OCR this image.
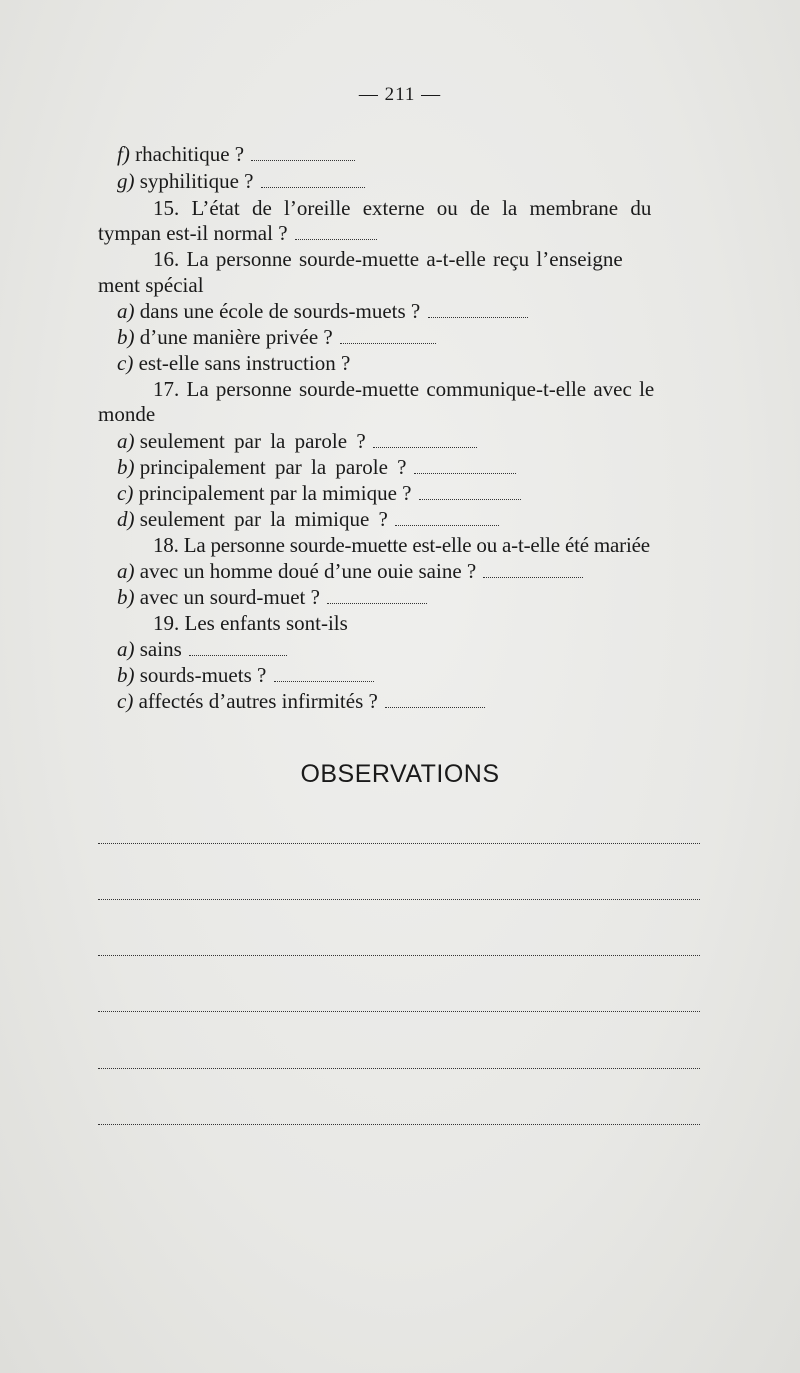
— 211 —
f) rhachitique ?
g) syphilitique ?
15. L’état de l’oreille externe ou de la membrane du
tympan est-il normal ?
16. La personne sourde-muette a-t-elle reçu l’enseigne
ment spécial
a) dans une école de sourds-muets ?
b) d’une manière privée ?
c) est-elle sans instruction ?
17. La personne sourde-muette communique-t-elle avec le
monde
a) seulement par la parole ?
b) principalement par la parole ?
c) principalement par la mimique ?
d) seulement par la mimique ?
18. La personne sourde-muette est-elle ou a-t-elle été mariée
a) avec un homme doué d’une ouie saine ?
b) avec un sourd-muet ?
19. Les enfants sont-ils
a) sains
b) sourds-muets ?
c) affectés d’autres infirmités ?
OBSERVATIONS
